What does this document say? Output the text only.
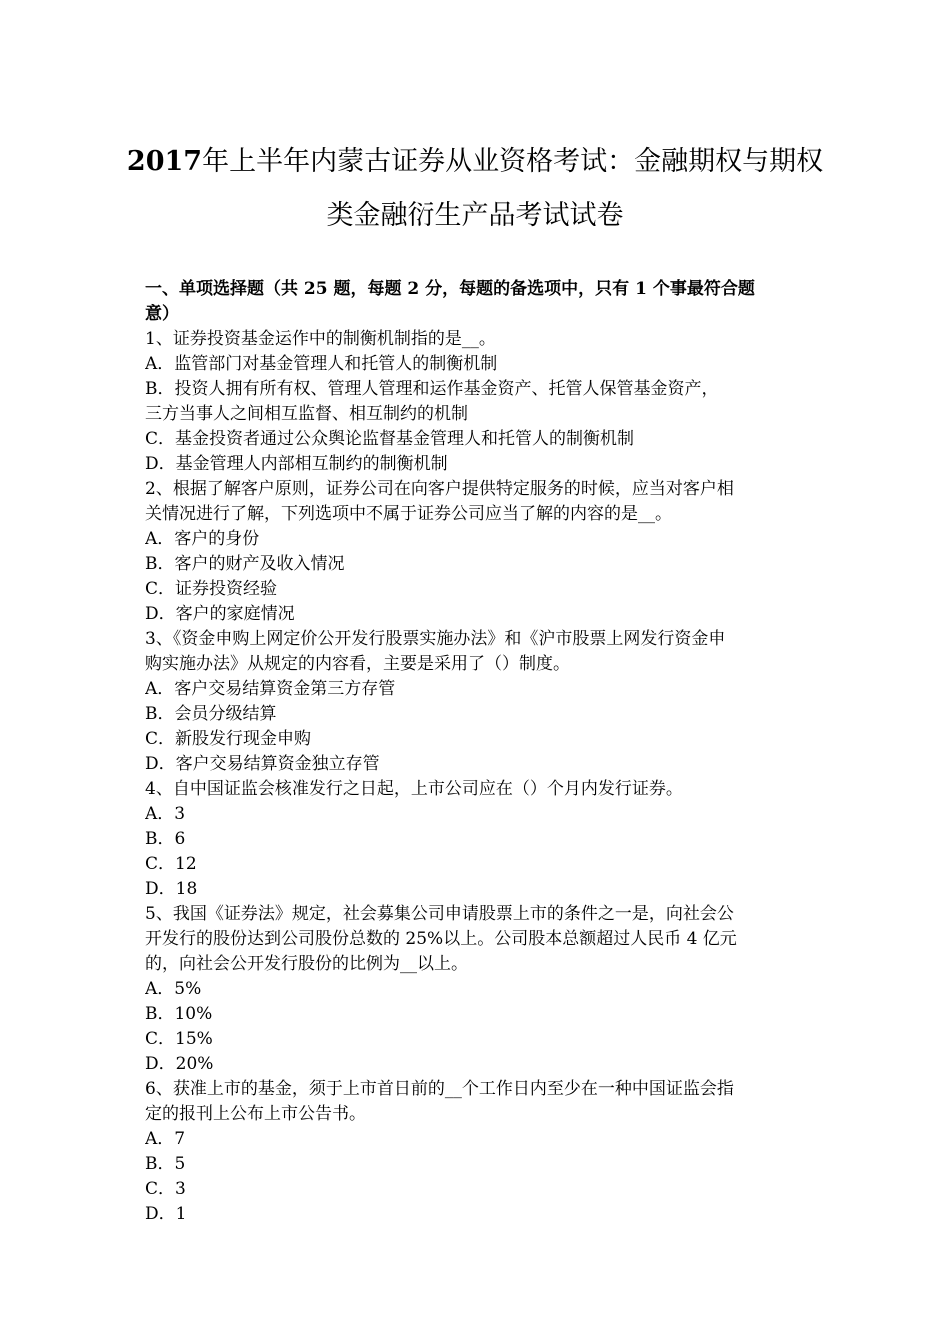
2017年上半年内蒙古证券从业资格考试：金融期权与期权
类金融衍生产品考试试卷
一、单项选择题（共 25 题，每题 2 分，每题的备选项中，只有 1 个事最符合题
意）
1、证券投资基金运作中的制衡机制指的是__。
A．监管部门对基金管理人和托管人的制衡机制
B．投资人拥有所有权、管理人管理和运作基金资产、托管人保管基金资产，
三方当事人之间相互监督、相互制约的机制
C．基金投资者通过公众舆论监督基金管理人和托管人的制衡机制
D．基金管理人内部相互制约的制衡机制
2、根据了解客户原则，证券公司在向客户提供特定服务的时候，应当对客户相
关情况进行了解，下列选项中不属于证券公司应当了解的内容的是__。
A．客户的身份
B．客户的财产及收入情况
C．证券投资经验
D．客户的家庭情况
3、《资金申购上网定价公开发行股票实施办法》和《沪市股票上网发行资金申
购实施办法》从规定的内容看，主要是采用了（）制度。
A．客户交易结算资金第三方存管
B．会员分级结算
C．新股发行现金申购
D．客户交易结算资金独立存管
4、自中国证监会核准发行之日起，上市公司应在（）个月内发行证券。
A．3
B．6
C．12
D．18
5、我国《证券法》规定，社会募集公司申请股票上市的条件之一是，向社会公
开发行的股份达到公司股份总数的 25%以上。公司股本总额超过人民币 4 亿元
的，向社会公开发行股份的比例为__以上。
A．5%
B．10%
C．15%
D．20%
6、获准上市的基金，须于上市首日前的__个工作日内至少在一种中国证监会指
定的报刊上公布上市公告书。
A．7
B．5
C．3
D．1
